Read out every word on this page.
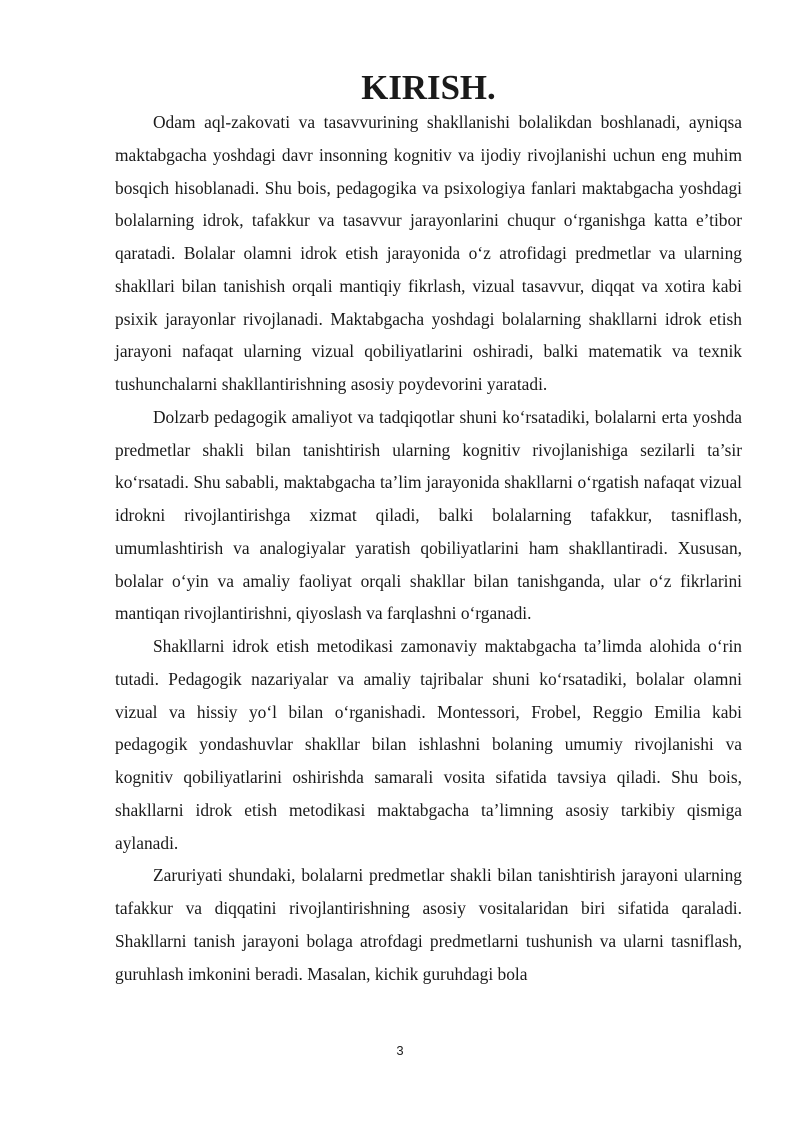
KIRISH.

Odam aql-zakovati va tasavvurining shakllanishi bolalikdan boshlanadi, ayniqsa maktabgacha yoshdagi davr insonning kognitiv va ijodiy rivojlanishi uchun eng muhim bosqich hisoblanadi. Shu bois, pedagogika va psixologiya fanlari maktabgacha yoshdagi bolalarning idrok, tafakkur va tasavvur jarayonlarini chuqur o‘rganishga katta e’tibor qaratadi. Bolalar olamni idrok etish jarayonida o‘z atrofidagi predmetlar va ularning shakllari bilan tanishish orqali mantiqiy fikrlash, vizual tasavvur, diqqat va xotira kabi psixik jarayonlar rivojlanadi. Maktabgacha yoshdagi bolalarning shakllarni idrok etish jarayoni nafaqat ularning vizual qobiliyatlarini oshiradi, balki matematik va texnik tushunchalarni shakllantirishning asosiy poydevorini yaratadi.

Dolzarb pedagogik amaliyot va tadqiqotlar shuni ko‘rsatadiki, bolalarni erta yoshda predmetlar shakli bilan tanishtirish ularning kognitiv rivojlanishiga sezilarli ta’sir ko‘rsatadi. Shu sababli, maktabgacha ta’lim jarayonida shakllarni o‘rgatish nafaqat vizual idrokni rivojlantirishga xizmat qiladi, balki bolalarning tafakkur, tasniflash, umumlashtirish va analogiyalar yaratish qobiliyatlarini ham shakllantiradi. Xususan, bolalar o‘yin va amaliy faoliyat orqali shakllar bilan tanishganda, ular o‘z fikrlarini mantiqan rivojlantirishni, qiyoslash va farqlashni o‘rganadi.

Shakllarni idrok etish metodikasi zamonaviy maktabgacha ta’limda alohida o‘rin tutadi. Pedagogik nazariyalar va amaliy tajribalar shuni ko‘rsatadiki, bolalar olamni vizual va hissiy yo‘l bilan o‘rganishadi. Montessori, Frobel, Reggio Emilia kabi pedagogik yondashuvlar shakllar bilan ishlashni bolaning umumiy rivojlanishi va kognitiv qobiliyatlarini oshirishda samarali vosita sifatida tavsiya qiladi. Shu bois, shakllarni idrok etish metodikasi maktabgacha ta’limning asosiy tarkibiy qismiga aylanadi.

Zaruriyati shundaki, bolalarni predmetlar shakli bilan tanishtirish jarayoni ularning tafakkur va diqqatini rivojlantirishning asosiy vositalaridan biri sifatida qaraladi. Shakllarni tanish jarayoni bolaga atrofdagi predmetlarni tushunish va ularni tasniflash, guruhlash imkonini beradi. Masalan, kichik guruhdagi bola

3
